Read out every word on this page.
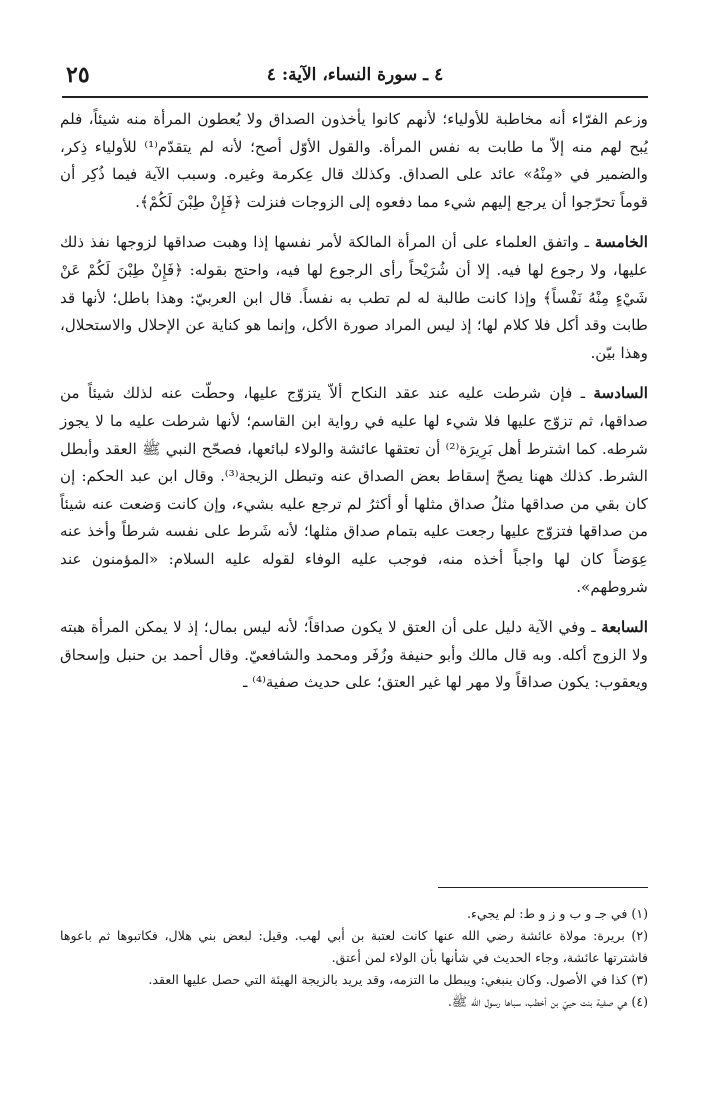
٢٥	٤ ـ سورة النساء، الآية: ٤

وزعم الفرّاء أنه مخاطبة للأولياء؛ لأنهم كانوا يأخذون الصداق ولا يُعطون المرأة منه شيئاً، فلم يُبح لهم منه إلاّ ما طابت به نفس المرأة. والقول الأوّل أصح؛ لأنه لم يتقدّم⁽¹⁾ للأولياء ذِكر، والضمير في «مِنْهُ» عائد على الصداق. وكذلك قال عِكرمة وغيره. وسبب الآية فيما ذُكِر أن قوماً تحرّجوا أن يرجع إليهم شيء مما دفعوه إلى الزوجات فنزلت ﴿فَإِنْ طِبْنَ لَكُمْ﴾.

الخامسة ـ واتفق العلماء على أن المرأة المالكة لأمر نفسها إذا وهبت صداقها لزوجها نفذ ذلك عليها، ولا رجوع لها فيه. إلا أن شُرَيْحاً رأى الرجوع لها فيه، واحتج بقوله: ﴿فَإِنْ طِبْنَ لَكُمْ عَنْ شَيْءٍ مِنْهُ نَفْساً﴾ وإذا كانت طالبة له لم تطب به نفساً. قال ابن العربيّ: وهذا باطل؛ لأنها قد طابت وقد أكل فلا كلام لها؛ إذ ليس المراد صورة الأكل، وإنما هو كناية عن الإحلال والاستحلال، وهذا بيّن.

السادسة ـ فإن شرطت عليه عند عقد النكاح ألاّ يتزوّج عليها، وحطّت عنه لذلك شيئاً من صداقها، ثم تزوّج عليها فلا شيء لها عليه في رواية ابن القاسم؛ لأنها شرطت عليه ما لا يجوز شرطه. كما اشترط أهل بَرِيرَة⁽²⁾ أن تعتقها عائشة والولاء لبائعها، فصحّح النبي ﷺ العقد وأبطل الشرط. كذلك ههنا يصحّ إسقاط بعض الصداق عنه وتبطل الزيجة⁽³⁾. وقال ابن عبد الحكم: إن كان بقي من صداقها مثلُ صداق مثلها أو أكثرُ لم ترجع عليه بشيء، وإن كانت وَضعت عنه شيئاً من صداقها فتزوّج عليها رجعت عليه بتمام صداق مثلها؛ لأنه شَرط على نفسه شرطاً وأخذ عنه عِوَضاً كان لها واجباً أخذه منه، فوجب عليه الوفاء لقوله عليه السلام: «المؤمنون عند شروطهم».

السابعة ـ وفي الآية دليل على أن العتق لا يكون صداقاً؛ لأنه ليس بمال؛ إذ لا يمكن المرأة هبته ولا الزوج أكله. وبه قال مالك وأبو حنيفة وزُفَر ومحمد والشافعيّ. وقال أحمد بن حنبل وإسحاق ويعقوب: يكون صداقاً ولا مهر لها غير العتق؛ على حديث صفية⁽⁴⁾ ـ

(١) في جـ و ب و ز و ط: لم يجيء.

(٢) بريرة: مولاة عائشة رضي الله عنها كانت لعتبة بن أبي لهب. وقيل: لبعض بني هلال، فكاتبوها ثم باعوها فاشترتها عائشة، وجاء الحديث في شأنها بأن الولاء لمن أعتق.

(٣) كذا في الأصول. وكان ينبغي: ويبطل ما التزمه، وقد يريد بالزيجة الهيئة التي حصل عليها العقد.

(٤) هي صفية بنت حييّ بن أخطب، سباها رسول الله ﷺ.
